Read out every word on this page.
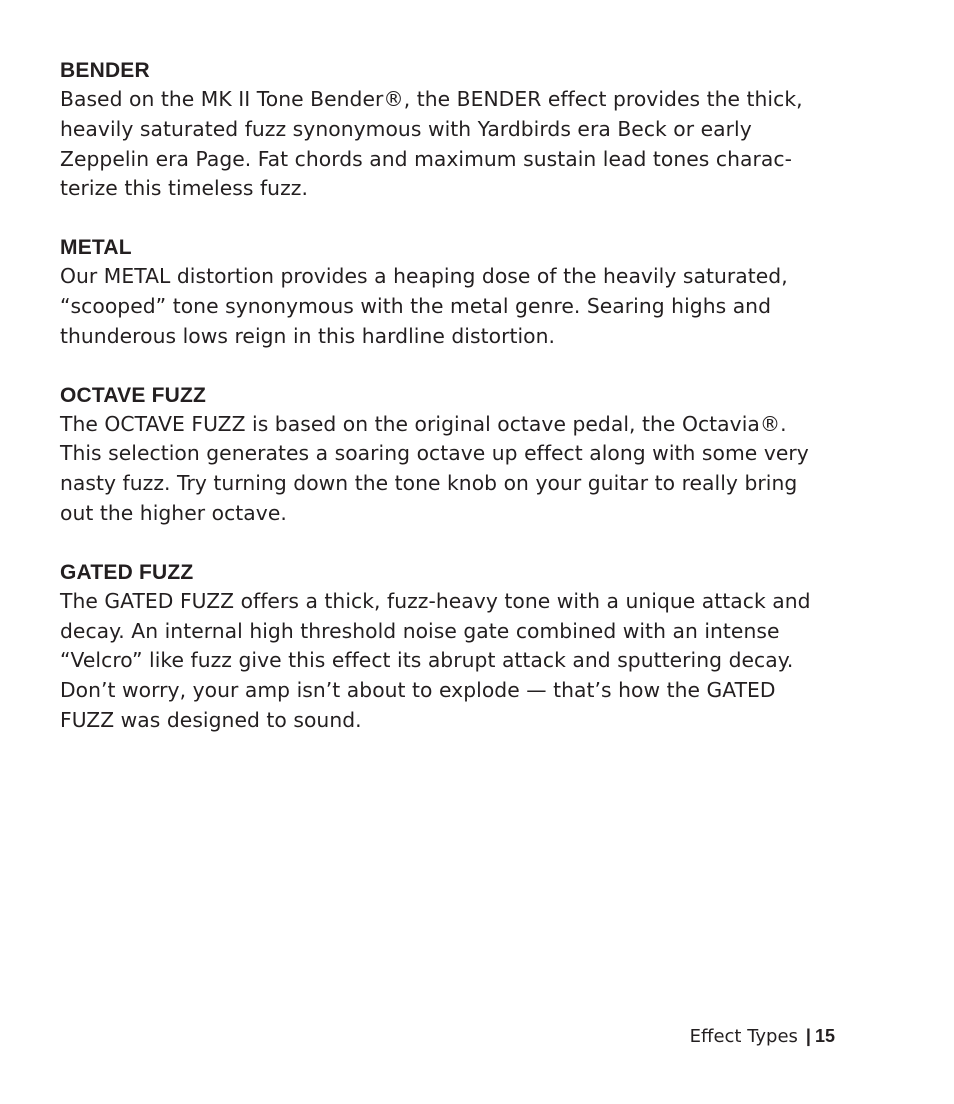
BENDER

Based on the MK II Tone Bender®, the BENDER effect provides the thick,
heavily saturated fuzz synonymous with Yardbirds era Beck or early
Zeppelin era Page. Fat chords and maximum sustain lead tones charac-
terize this timeless fuzz.

METAL

Our METAL distortion provides a heaping dose of the heavily saturated,
“scooped” tone synonymous with the metal genre. Searing highs and
thunderous lows reign in this hardline distortion.

OCTAVE FUZZ

The OCTAVE FUZZ is based on the original octave pedal, the Octavia®.
This selection generates a soaring octave up effect along with some very
nasty fuzz. Try turning down the tone knob on your guitar to really bring
out the higher octave.

GATED FUZZ

The GATED FUZZ offers a thick, fuzz-heavy tone with a unique attack and
decay. An internal high threshold noise gate combined with an intense
“Velcro” like fuzz give this effect its abrupt attack and sputtering decay.
Don’t worry, your amp isn’t about to explode — that’s how the GATED
FUZZ was designed to sound.

Effect Types | 15
